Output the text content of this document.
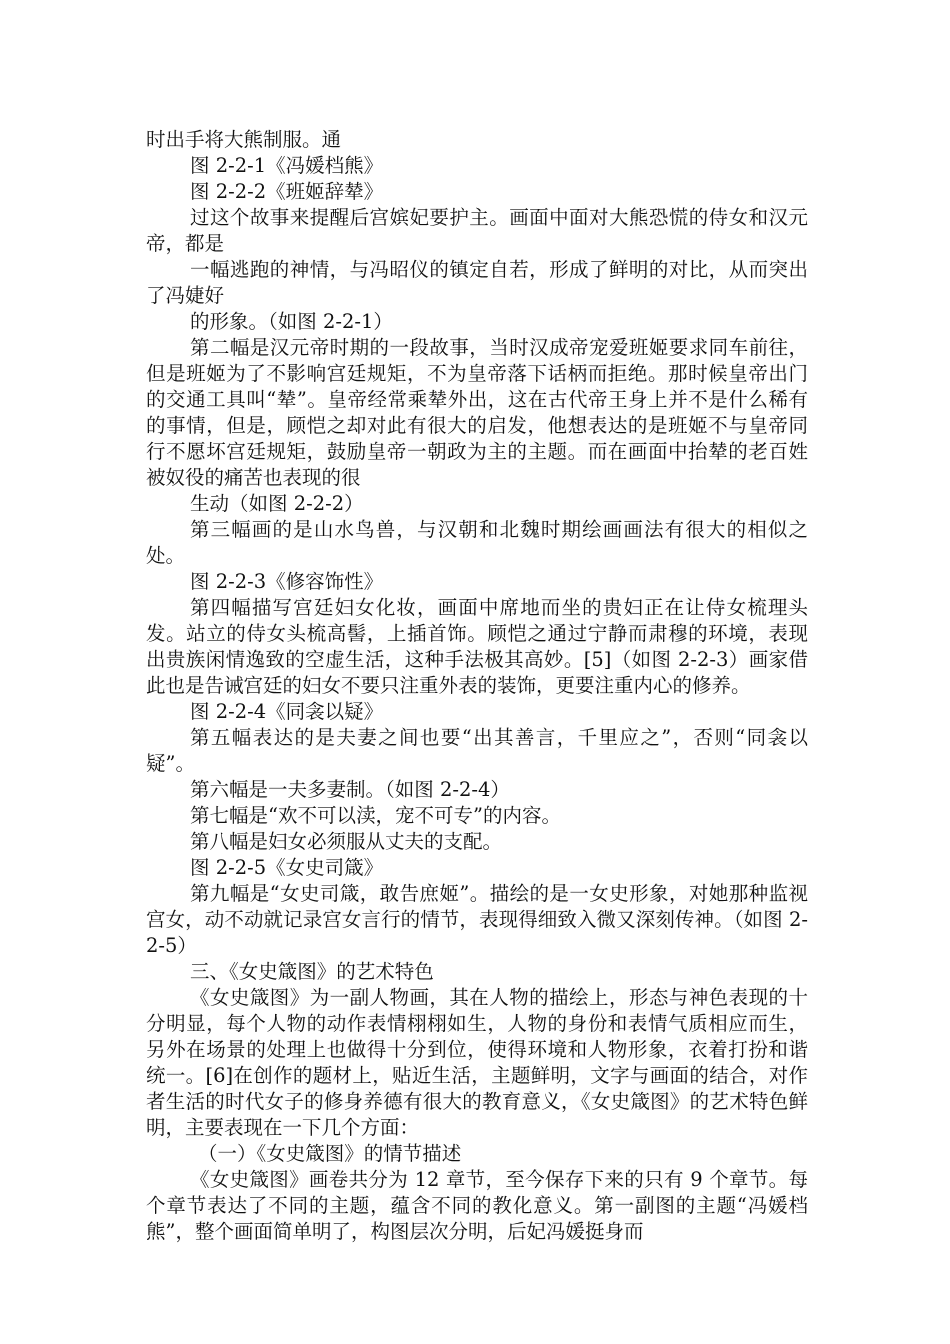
时出手将大熊制服。通

图 2-2-1《冯媛档熊》

图 2-2-2《班姬辞辇》

过这个故事来提醒后宫嫔妃要护主。画面中面对大熊恐慌的侍女和汉元帝，都是

一幅逃跑的神情，与冯昭仪的镇定自若，形成了鲜明的对比，从而突出了冯婕好

的形象。（如图 2-2-1）

第二幅是汉元帝时期的一段故事，当时汉成帝宠爱班姬要求同车前往，但是班姬为了不影响宫廷规矩，不为皇帝落下话柄而拒绝。那时候皇帝出门的交通工具叫“辇”。皇帝经常乘辇外出，这在古代帝王身上并不是什么稀有的事情，但是，顾恺之却对此有很大的启发，他想表达的是班姬不与皇帝同行不愿坏宫廷规矩，鼓励皇帝一朝政为主的主题。而在画面中抬辇的老百姓被奴役的痛苦也表现的很

生动（如图 2-2-2）

第三幅画的是山水鸟兽，与汉朝和北魏时期绘画画法有很大的相似之处。

图 2-2-3《修容饰性》

第四幅描写宫廷妇女化妆，画面中席地而坐的贵妇正在让侍女梳理头发。站立的侍女头梳高髻，上插首饰。顾恺之通过宁静而肃穆的环境，表现出贵族闲情逸致的空虚生活，这种手法极其高妙。[5]（如图 2-2-3）画家借此也是告诫宫廷的妇女不要只注重外表的装饰，更要注重内心的修养。

图 2-2-4《同衾以疑》

第五幅表达的是夫妻之间也要“出其善言，千里应之”，否则“同衾以疑”。

第六幅是一夫多妻制。（如图 2-2-4）

第七幅是“欢不可以渎，宠不可专”的内容。

第八幅是妇女必须服从丈夫的支配。

图 2-2-5《女史司箴》

第九幅是“女史司箴，敢告庶姬”。描绘的是一女史形象，对她那种监视宫女，动不动就记录宫女言行的情节，表现得细致入微又深刻传神。（如图 2-2-5）

三、《女史箴图》的艺术特色

《女史箴图》为一副人物画，其在人物的描绘上，形态与神色表现的十分明显，每个人物的动作表情栩栩如生，人物的身份和表情气质相应而生，另外在场景的处理上也做得十分到位，使得环境和人物形象，衣着打扮和谐统一。[6]在创作的题材上，贴近生活，主题鲜明，文字与画面的结合，对作者生活的时代女子的修身养德有很大的教育意义，《女史箴图》的艺术特色鲜明，主要表现在一下几个方面：

（一）《女史箴图》的情节描述

《女史箴图》画卷共分为 12 章节，至今保存下来的只有 9 个章节。每个章节表达了不同的主题，蕴含不同的教化意义。第一副图的主题“冯媛档熊”，整个画面简单明了，构图层次分明，后妃冯媛挺身而
